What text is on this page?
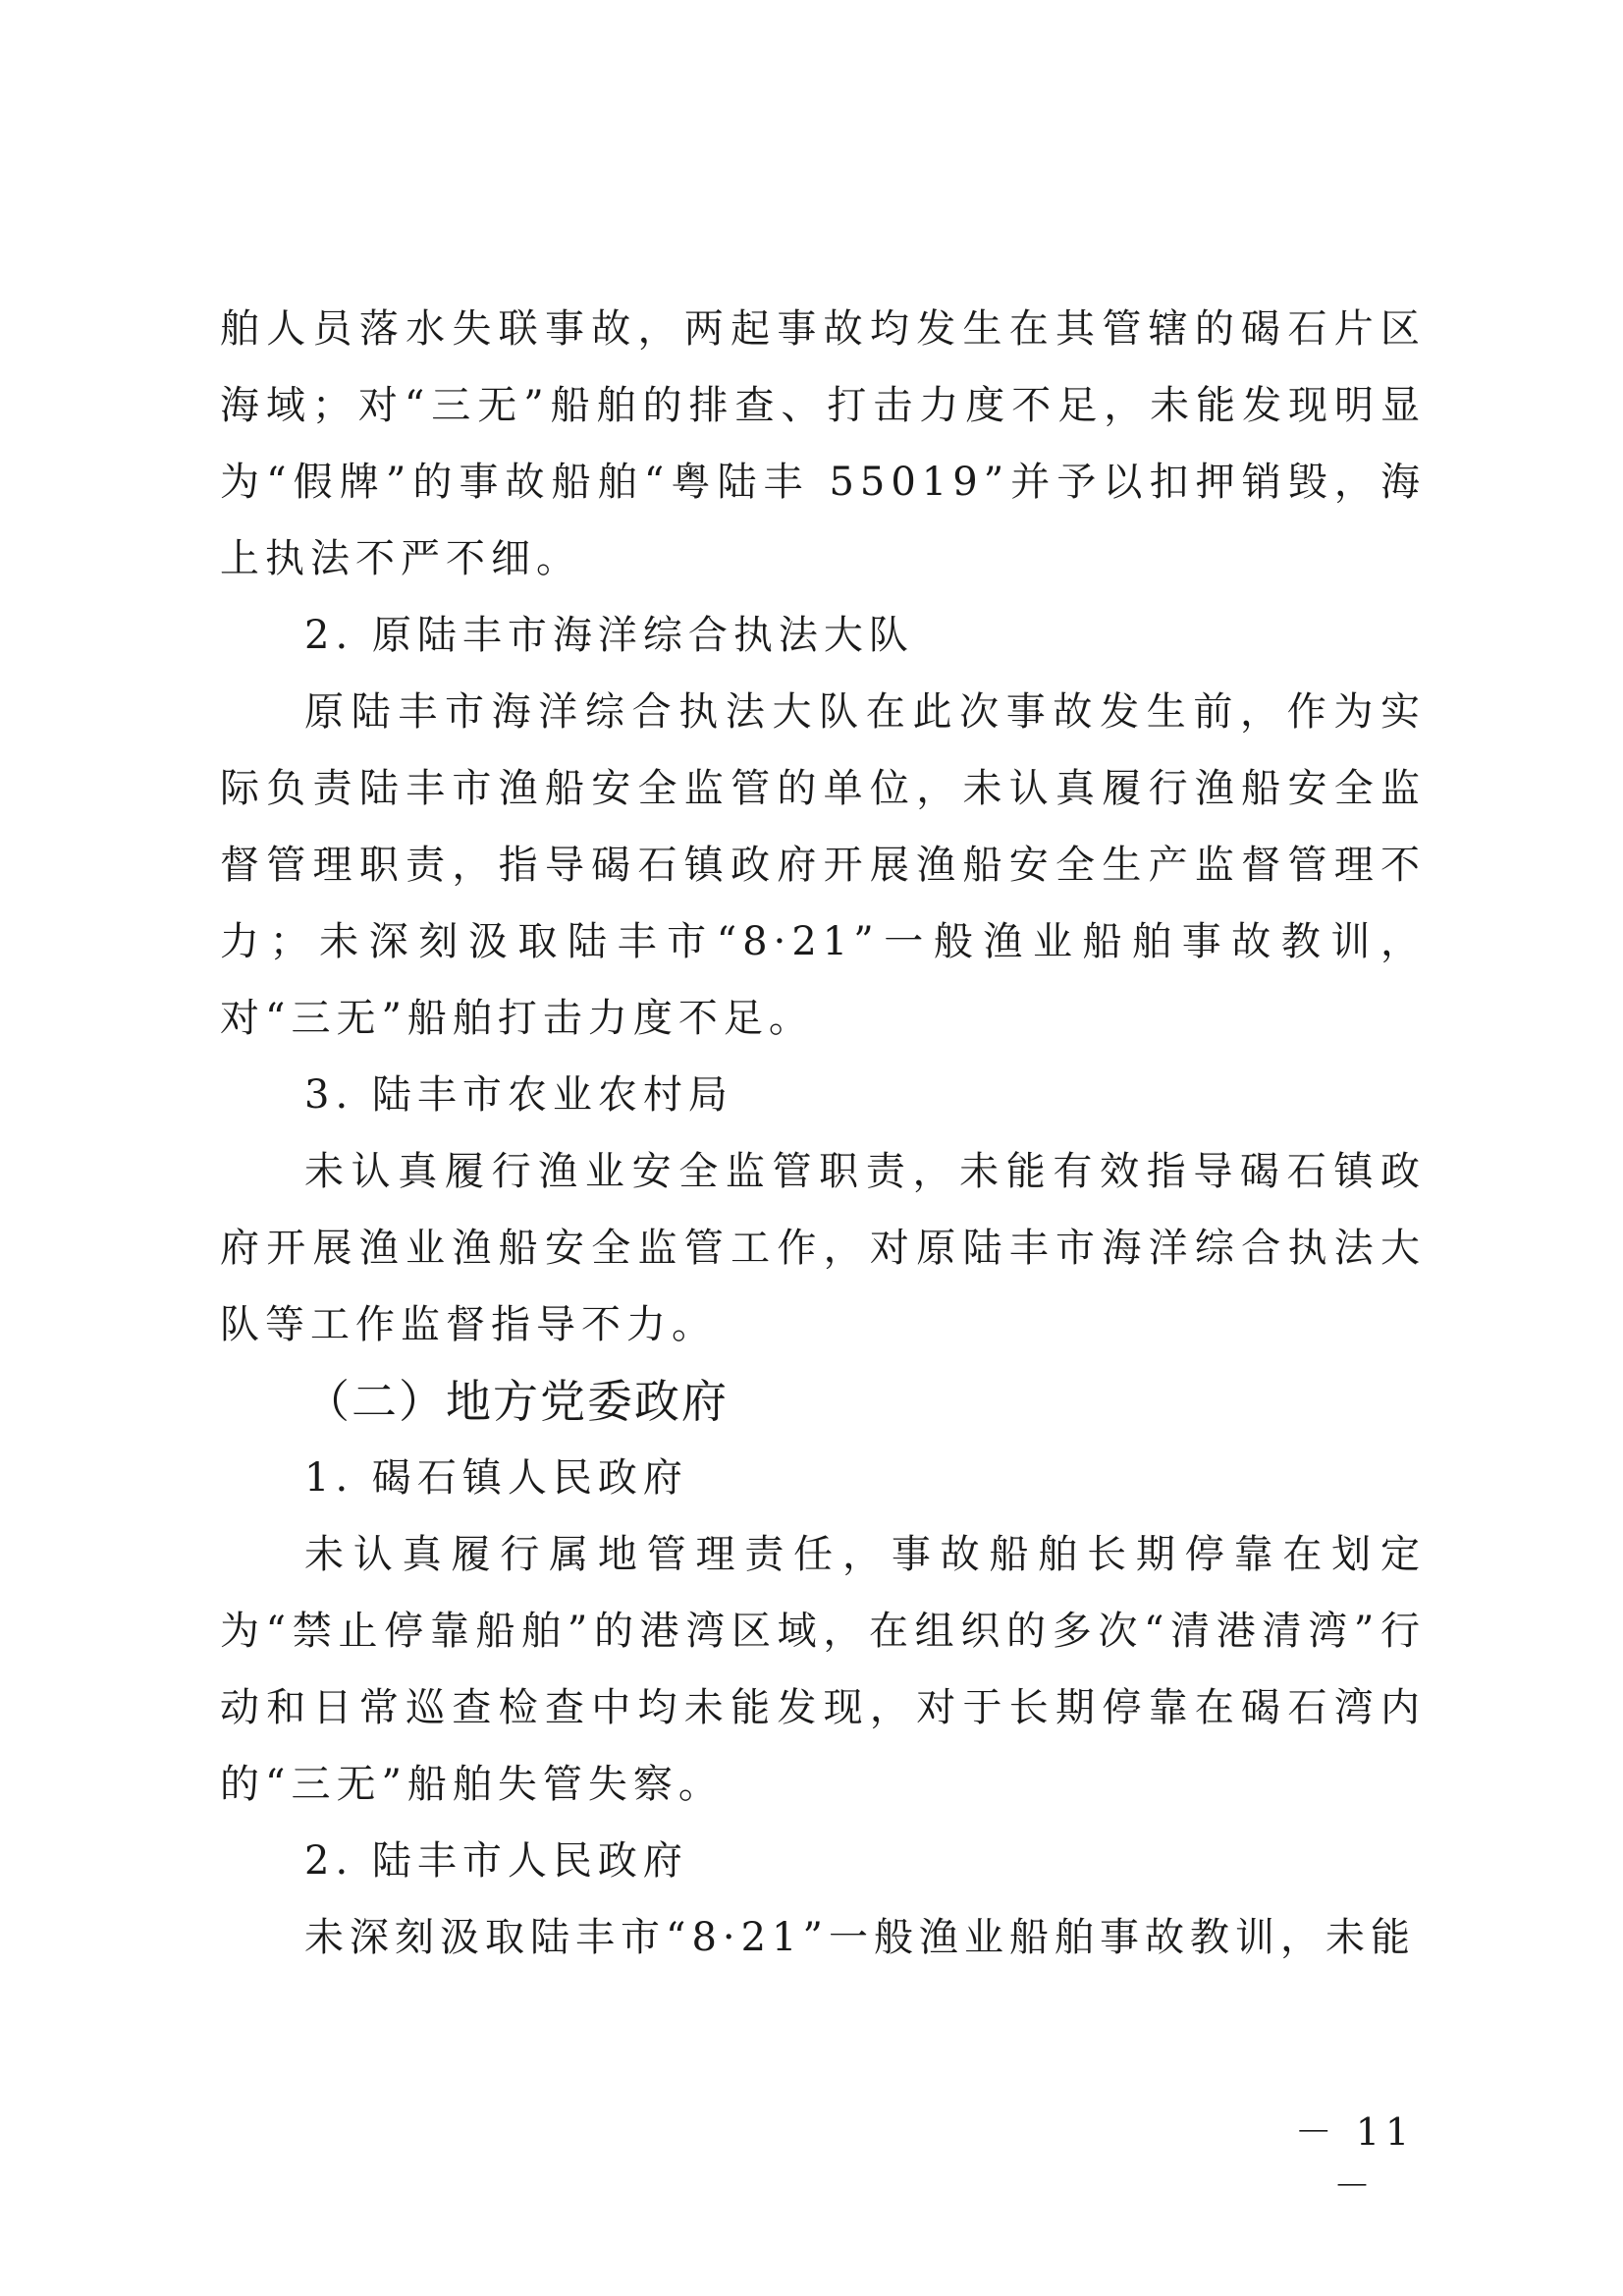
舶人员落水失联事故，两起事故均发生在其管辖的碣石片区海域；对“三无”船舶的排查、打击力度不足，未能发现明显为“假牌”的事故船舶“粤陆丰 55019”并予以扣押销毁，海上执法不严不细。

2. 原陆丰市海洋综合执法大队

原陆丰市海洋综合执法大队在此次事故发生前，作为实际负责陆丰市渔船安全监管的单位，未认真履行渔船安全监督管理职责，指导碣石镇政府开展渔船安全生产监督管理不力；未深刻汲取陆丰市“8·21”一般渔业船舶事故教训，对“三无”船舶打击力度不足。

3. 陆丰市农业农村局

未认真履行渔业安全监管职责，未能有效指导碣石镇政府开展渔业渔船安全监管工作，对原陆丰市海洋综合执法大队等工作监督指导不力。

（二）地方党委政府

1. 碣石镇人民政府

未认真履行属地管理责任，事故船舶长期停靠在划定为“禁止停靠船舶”的港湾区域，在组织的多次“清港清湾”行动和日常巡查检查中均未能发现，对于长期停靠在碣石湾内的“三无”船舶失管失察。

2. 陆丰市人民政府

未深刻汲取陆丰市“8·21”一般渔业船舶事故教训，未能

－ 11 －
